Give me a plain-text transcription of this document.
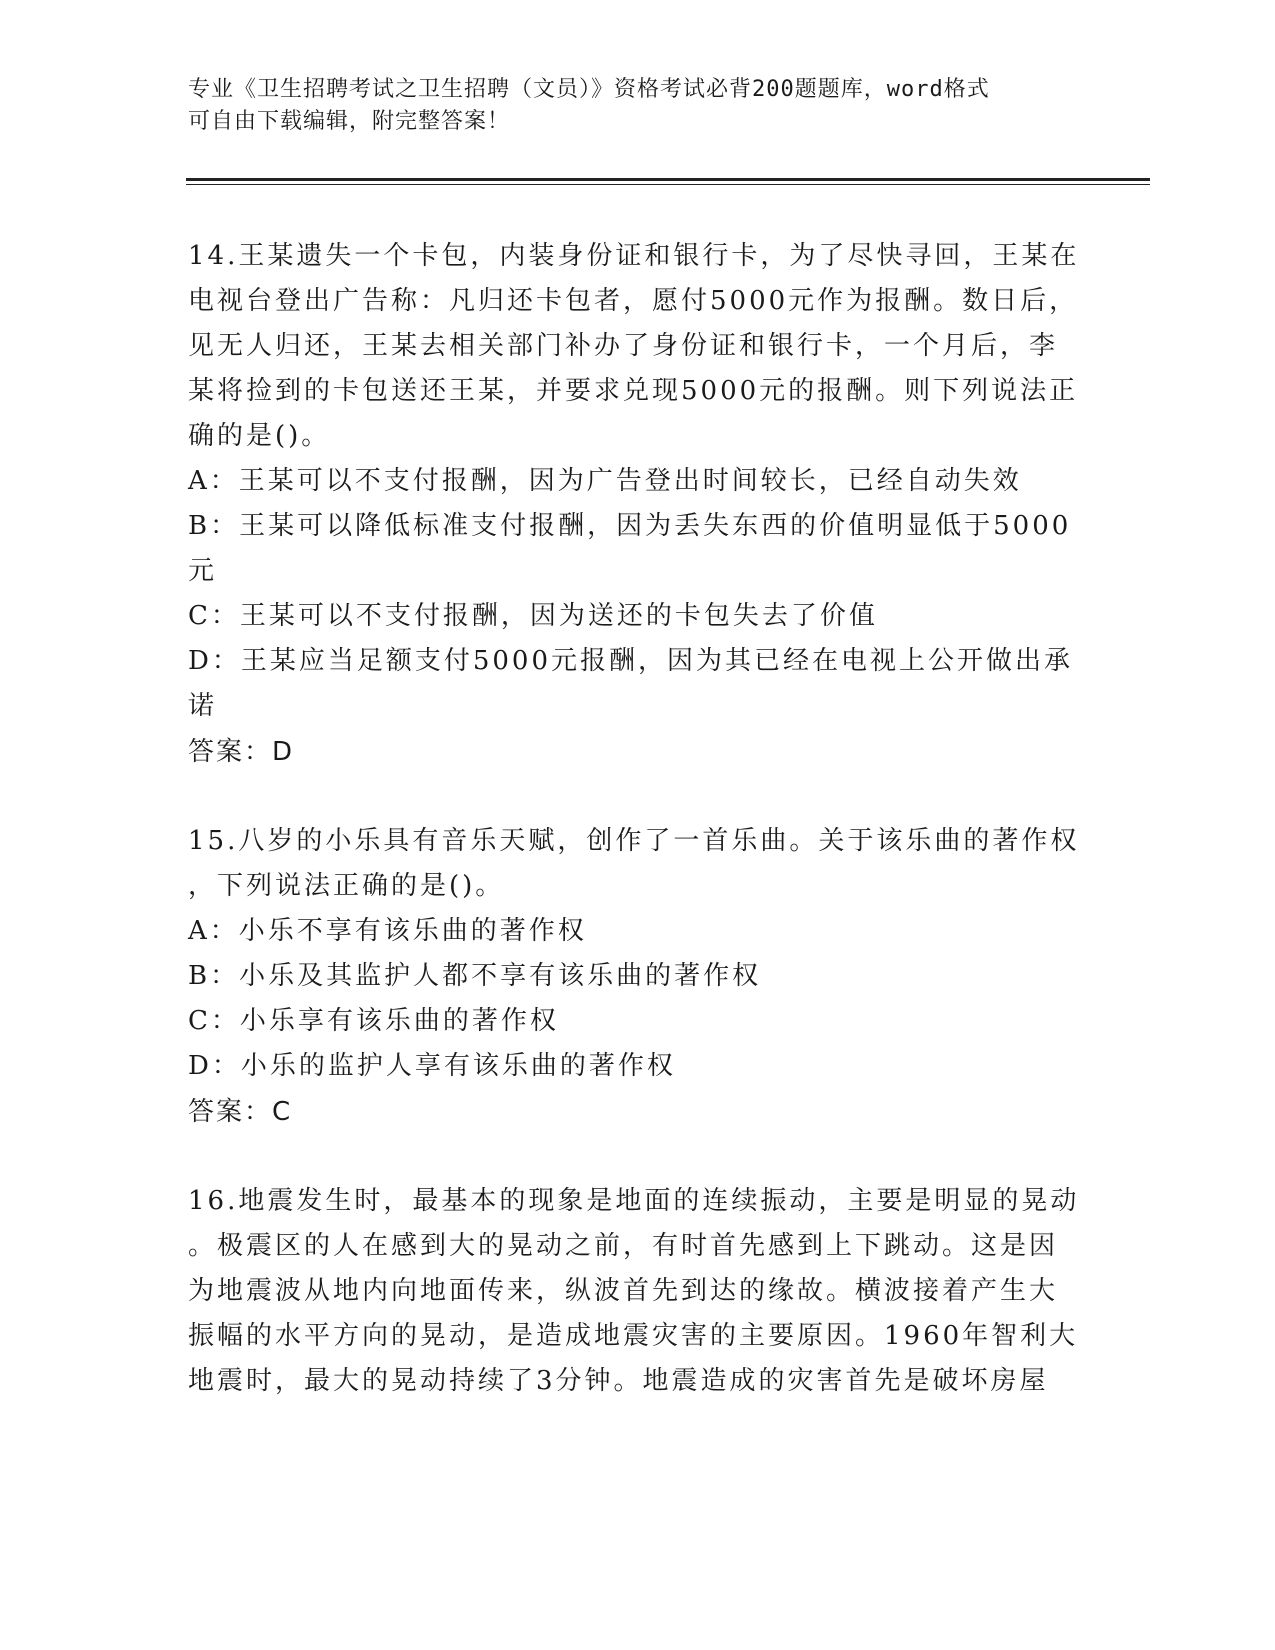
专业《卫生招聘考试之卫生招聘（文员）》资格考试必背200题题库，word格式
可自由下载编辑，附完整答案！
14.王某遗失一个卡包，内装身份证和银行卡，为了尽快寻回，王某在
电视台登出广告称：凡归还卡包者，愿付5000元作为报酬。数日后，
见无人归还，王某去相关部门补办了身份证和银行卡，一个月后，李
某将捡到的卡包送还王某，并要求兑现5000元的报酬。则下列说法正
确的是()。
A：王某可以不支付报酬，因为广告登出时间较长，已经自动失效
B：王某可以降低标准支付报酬，因为丢失东西的价值明显低于5000
元
C：王某可以不支付报酬，因为送还的卡包失去了价值
D：王某应当足额支付5000元报酬，因为其已经在电视上公开做出承
诺
答案：D
15.八岁的小乐具有音乐天赋，创作了一首乐曲。关于该乐曲的著作权
，下列说法正确的是()。
A：小乐不享有该乐曲的著作权
B：小乐及其监护人都不享有该乐曲的著作权
C：小乐享有该乐曲的著作权
D：小乐的监护人享有该乐曲的著作权
答案：C
16.地震发生时，最基本的现象是地面的连续振动，主要是明显的晃动
。极震区的人在感到大的晃动之前，有时首先感到上下跳动。这是因
为地震波从地内向地面传来，纵波首先到达的缘故。横波接着产生大
振幅的水平方向的晃动，是造成地震灾害的主要原因。1960年智利大
地震时，最大的晃动持续了3分钟。地震造成的灾害首先是破坏房屋
